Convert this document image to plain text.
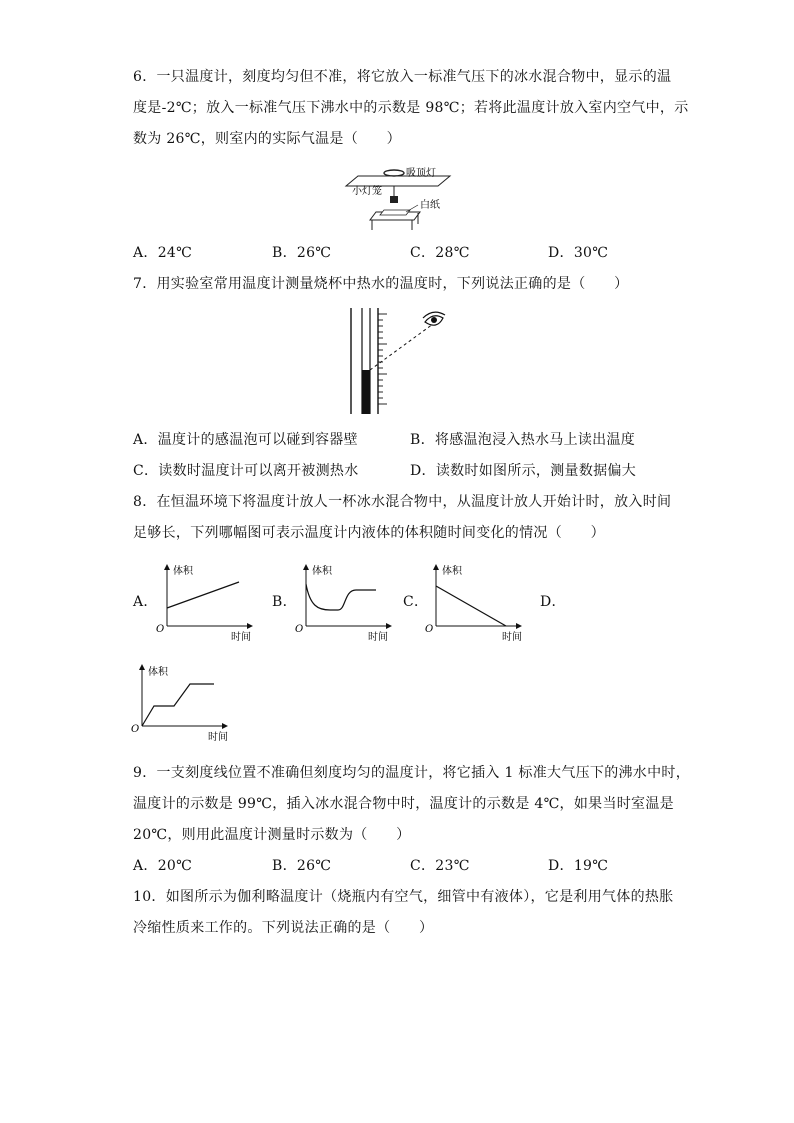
6．一只温度计，刻度均匀但不准，将它放入一标准气压下的冰水混合物中，显示的温
度是-2℃；放入一标准气压下沸水中的示数是 98℃；若将此温度计放入室内空气中，示
数为 26℃，则室内的实际气温是（　　）
吸顶灯
小灯笼
白纸
A．24℃	B．26℃	C．28℃	D．30℃
7．用实验室常用温度计测量烧杯中热水的温度时，下列说法正确的是（　　）
A．温度计的感温泡可以碰到容器壁	B．将感温泡浸入热水马上读出温度
C．读数时温度计可以离开被测热水	D．读数时如图所示，测量数据偏大
8．在恒温环境下将温度计放人一杯冰水混合物中，从温度计放人开始计时，放入时间
足够长，下列哪幅图可表示温度计内液体的体积随时间变化的情况（　　）
A．	B．	C．	D．
体积
时间
O
体积
时间
O
体积
时间
O
体积
时间
O
9．一支刻度线位置不准确但刻度均匀的温度计，将它插入 1 标准大气压下的沸水中时，
温度计的示数是 99℃，插入冰水混合物中时，温度计的示数是 4℃，如果当时室温是
20℃，则用此温度计测量时示数为（　　）
A．20℃	B．26℃	C．23℃	D．19℃
10．如图所示为伽利略温度计（烧瓶内有空气，细管中有液体），它是利用气体的热胀
冷缩性质来工作的。下列说法正确的是（　　）
